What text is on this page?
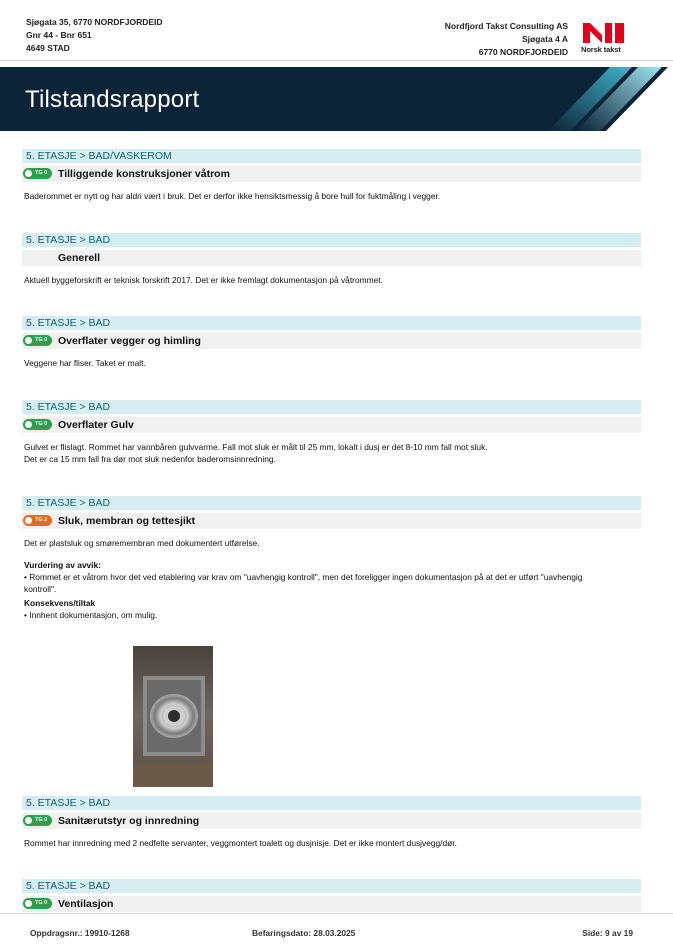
Sjøgata 35, 6770 NORDFJORDEID
Gnr 44 - Bnr 651
4649 STAD
Nordfjord Takst Consulting AS
Sjøgata 4 A
6770 NORDFJORDEID Norsk takst
Tilstandsrapport
5. ETASJE > BAD/VASKEROM
TG 0 Tilliggende konstruksjoner våtrom
Baderommet er nytt og har aldri vært i bruk. Det er derfor ikke hensiktsmessig å bore hull for fuktmåling i vegger.
5. ETASJE > BAD
Generell
Aktuell byggeforskrift er teknisk forskrift 2017. Det er ikke fremlagt dokumentasjon på våtrommet.
5. ETASJE > BAD
TG 0 Overflater vegger og himling
Veggene har fliser. Taket er malt.
5. ETASJE > BAD
TG 0 Overflater Gulv
Gulvet er flislagt. Rommet har vannbåren gulvvarme. Fall mot sluk er målt til 25 mm, lokalt i dusj er det 8-10 mm fall mot sluk.
Det er ca 15 mm fall fra dør mot sluk nedenfor baderomsinnredning.
5. ETASJE > BAD
TG 2 Sluk, membran og tettesjikt
Det er plastsluk og smøremembran med dokumentert utførelse.
Vurdering av avvik:
• Rommet er et våtrom hvor det ved etablering var krav om "uavhengig kontroll", men det foreligger ingen dokumentasjon på at det er utført "uavhengig
kontroll".
Konsekvens/tiltak
• Innhent dokumentasjon, om mulig.
5. ETASJE > BAD
TG 0 Sanitærutstyr og innredning
Rommet har innredning med 2 nedfelte servanter, veggmontert toalett og dusjnisje. Det er ikke montert dusjvegg/dør.
5. ETASJE > BAD
TG 0 Ventilasjon
Oppdragsnr.: 19910-1268	Befaringsdato: 28.03.2025	Side: 9 av 19
